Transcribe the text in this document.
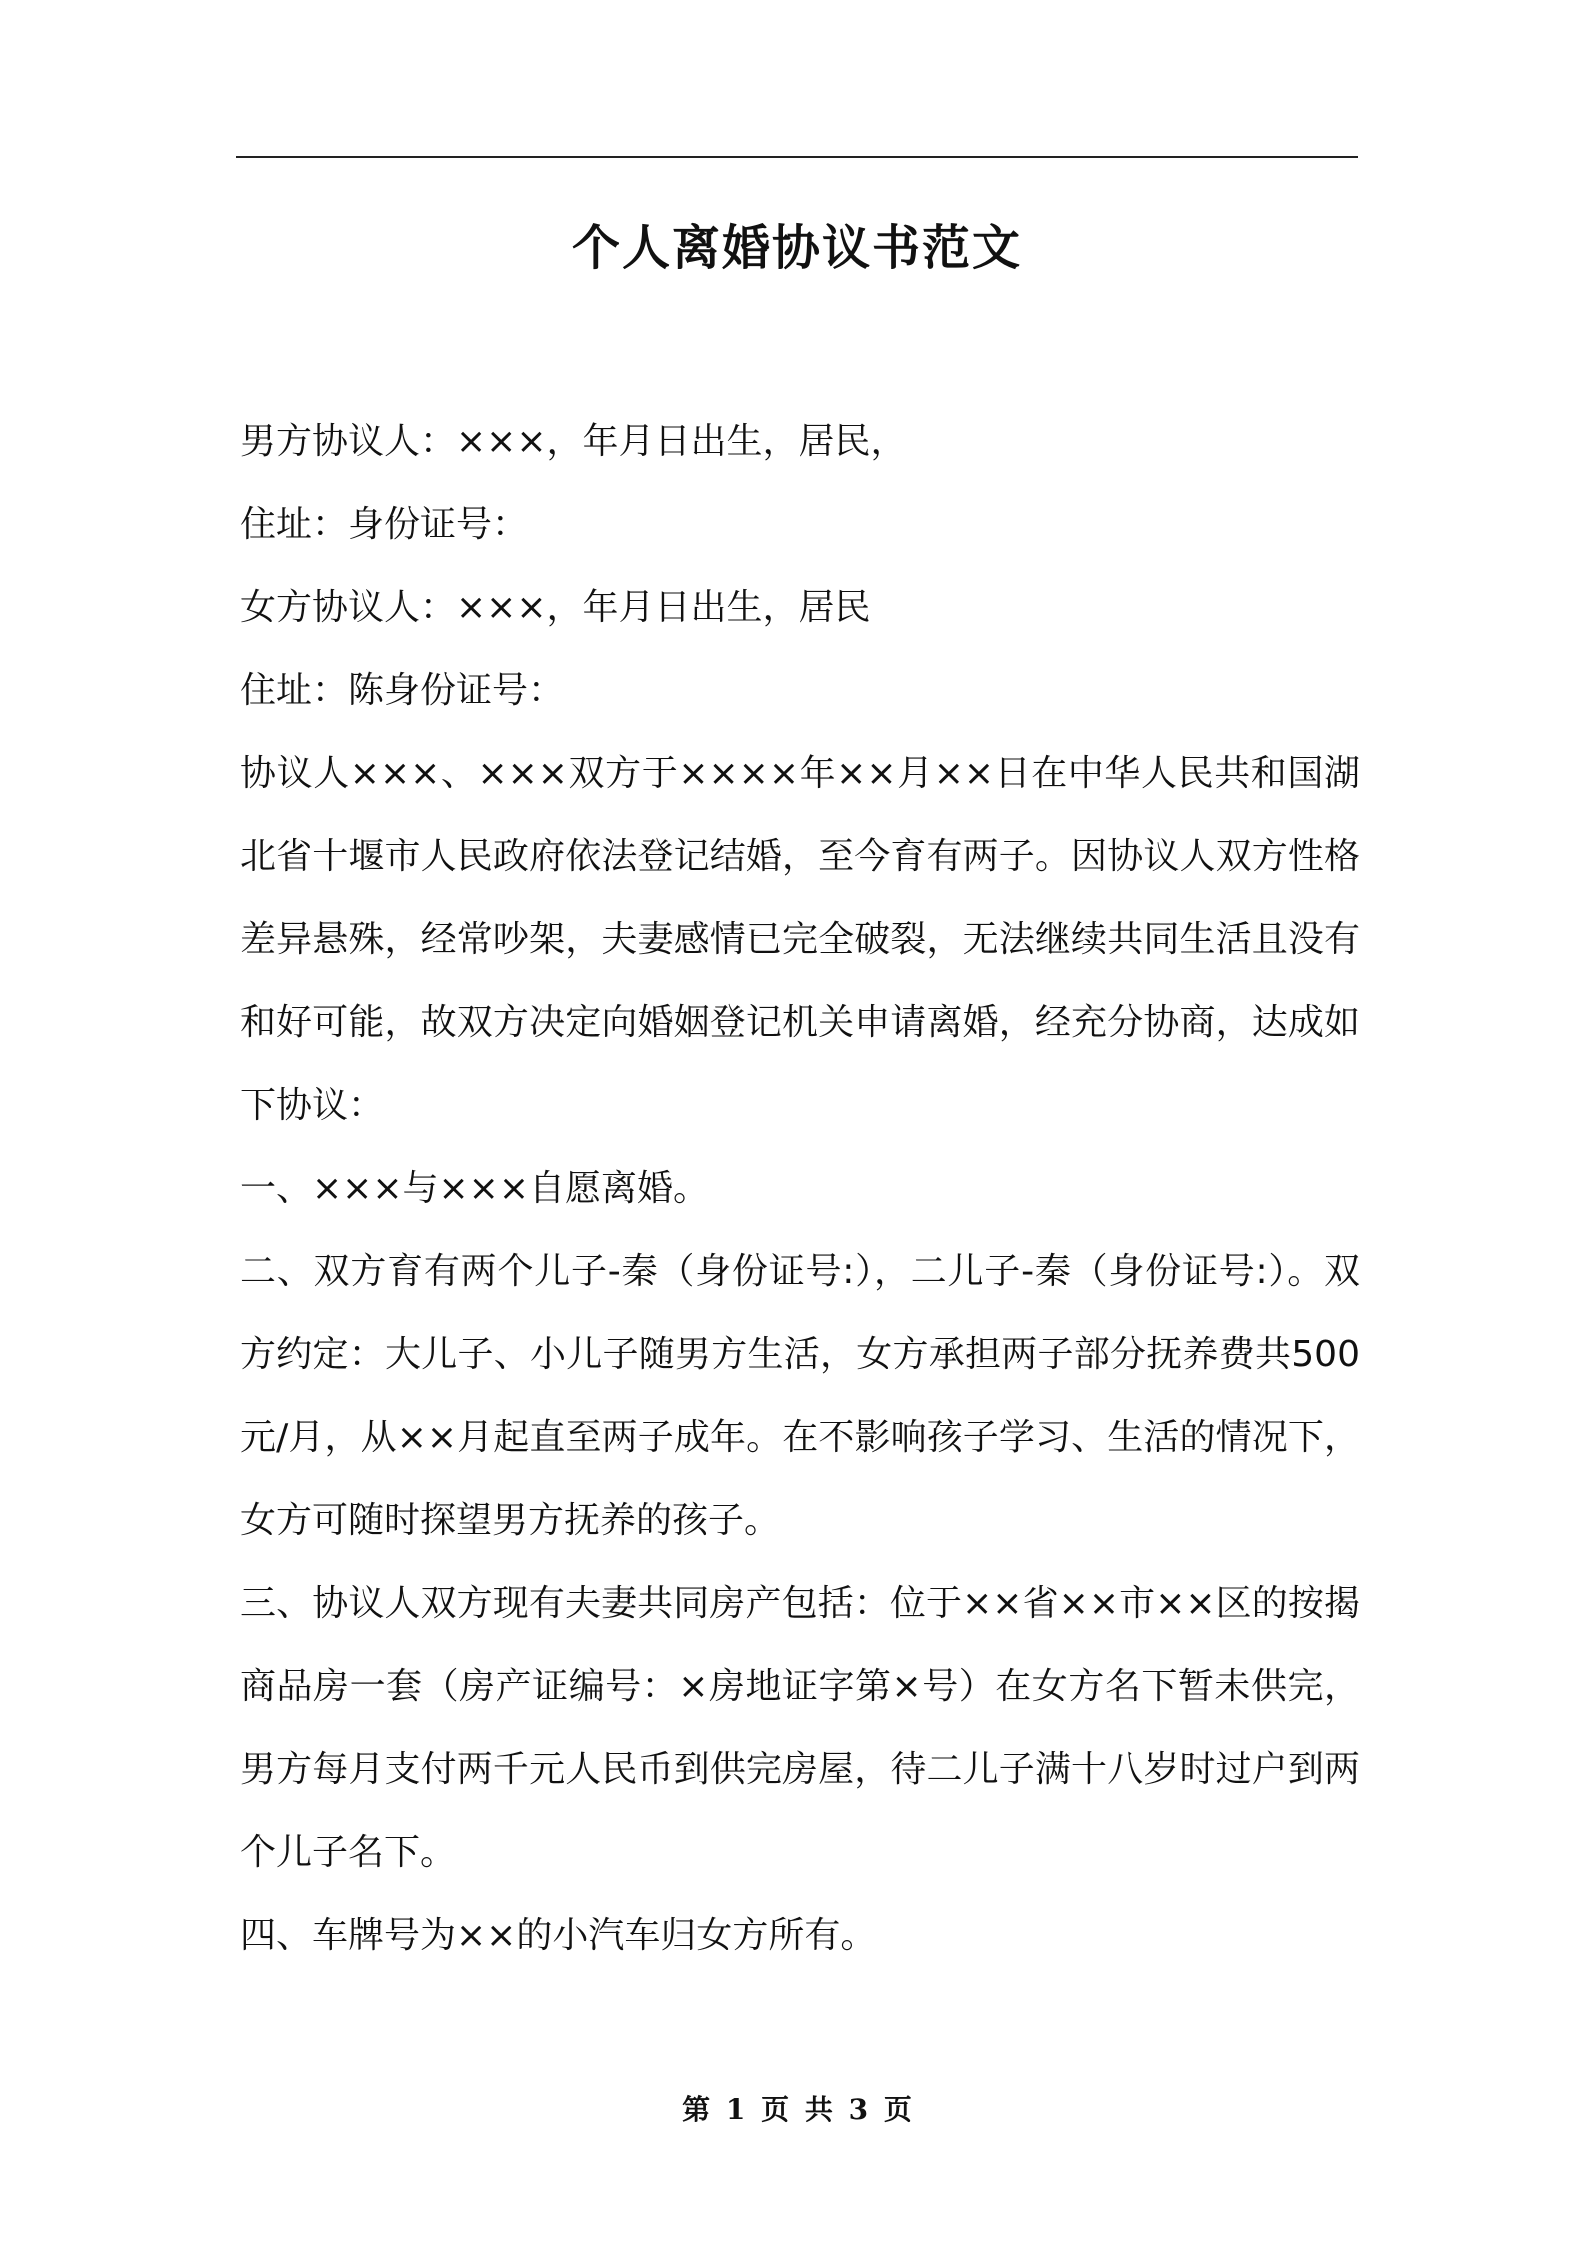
个人离婚协议书范文

男方协议人：×××，年月日出生，居民，

住址：身份证号：

女方协议人：×××，年月日出生，居民

住址：陈身份证号：

协议人×××、×××双方于××××年××月××日在中华人民共和国湖北省十堰市人民政府依法登记结婚，至今育有两子。因协议人双方性格差异悬殊，经常吵架，夫妻感情已完全破裂，无法继续共同生活且没有和好可能，故双方决定向婚姻登记机关申请离婚，经充分协商，达成如下协议：

一、×××与×××自愿离婚。

二、双方育有两个儿子-秦（身份证号:），二儿子-秦（身份证号:）。双方约定：大儿子、小儿子随男方生活，女方承担两子部分抚养费共500元/月，从××月起直至两子成年。在不影响孩子学习、生活的情况下，女方可随时探望男方抚养的孩子。

三、协议人双方现有夫妻共同房产包括：位于××省××市××区的按揭商品房一套（房产证编号：×房地证字第×号）在女方名下暂未供完，男方每月支付两千元人民币到供完房屋，待二儿子满十八岁时过户到两个儿子名下。

四、车牌号为××的小汽车归女方所有。

第 1 页 共 3 页
